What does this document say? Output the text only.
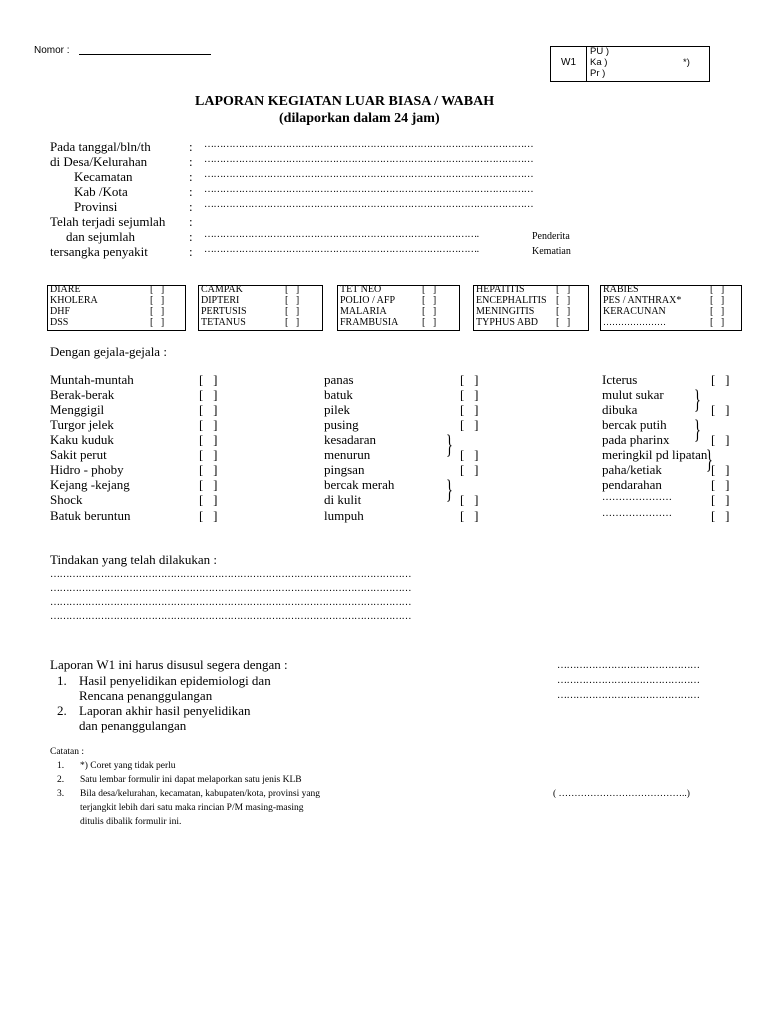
Nomor :
W1
PU )
Ka )
Pr )
*)
LAPORAN KEGIATAN LUAR BIASA / WABAH
(dilaporkan dalam 24 jam)
Pada tanggal/bln/th
di Desa/Kelurahan
Kecamatan
Kab /Kota
Provinsi
Telah terjadi sejumlah
dan sejumlah
tersangka penyakit
:
:
:
:
:
:
:
:
……………………………………………………………………………………………
……………………………………………………………………………………………
……………………………………………………………………………………………
……………………………………………………………………………………………
……………………………………………………………………………………………
…………………………………………………………………………….
…………………………………………………………………………….
Penderita
Kematian
DIARE
KHOLERA
DHF
DSS
[   ]
[   ]
[   ]
[   ]
CAMPAK
DIPTERI
PERTUSIS
TETANUS
[   ]
[   ]
[   ]
[   ]
TET NEO
POLIO / AFP
MALARIA
FRAMBUSIA
[   ]
[   ]
[   ]
[   ]
HEPATITIS
ENCEPHALITIS
MENINGITIS
TYPHUS ABD
[   ]
[   ]
[   ]
[   ]
RABIES
PES / ANTHRAX*
KERACUNAN
…………………
[   ]
[   ]
[   ]
[   ]
Dengan gejala-gejala :
Muntah-muntah
Berak-berak
Menggigil
Turgor jelek
Kaku kuduk
Sakit perut
Hidro - phoby
Kejang -kejang
Shock
Batuk beruntun
[   ]
[   ]
[   ]
[   ]
[   ]
[   ]
[   ]
[   ]
[   ]
[   ]
panas
batuk
pilek
pusing
kesadaran
menurun
pingsan
bercak merah
di kulit
lumpuh
}
}
[   ]
[   ]
[   ]
[   ]
[   ]
[   ]
[   ]
[   ]
Icterus
mulut sukar
dibuka
bercak putih
pada pharinx
meringkil pd lipatan
paha/ketiak
pendarahan
…………………
…………………
}
}
}
[   ]
[   ]
[   ]
[   ]
[   ]
[   ]
[   ]
Tindakan yang telah dilakukan :
……………………………………………………………………………………………………
……………………………………………………………………………………………………
……………………………………………………………………………………………………
……………………………………………………………………………………………………
Laporan W1 ini harus disusul segera dengan :
1. Hasil penyelidikan epidemiologi dan
Rencana penanggulangan
2. Laporan akhir hasil penyelidikan
dan penanggulangan
………………………………………
………………………………………
………………………………………
Catatan :
1. *) Coret yang tidak perlu
2. Satu lembar formulir ini dapat melaporkan satu jenis KLB
3. Bila desa/kelurahan, kecamatan, kabupaten/kota, provinsi yang
terjangkit lebih dari satu maka rincian P/M masing-masing
ditulis dibalik formulir ini.
( …………………………………..)
